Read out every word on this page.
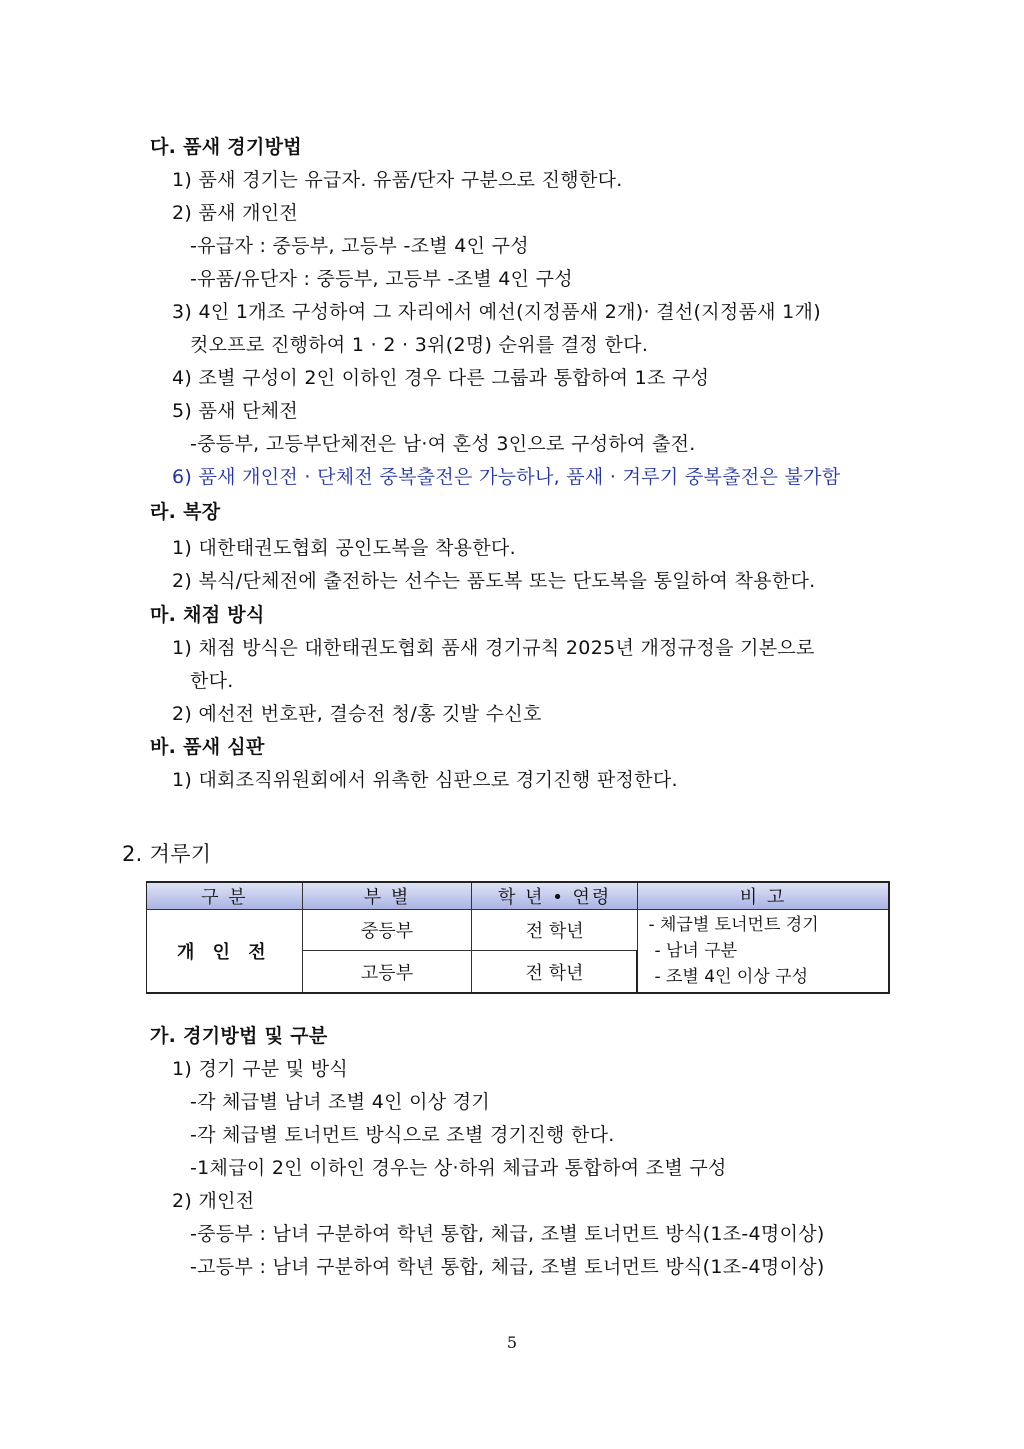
다. 품새 경기방법
1) 품새 경기는 유급자. 유품/단자 구분으로 진행한다.
2) 품새 개인전
-유급자 : 중등부, 고등부 -조별 4인 구성
-유품/유단자 : 중등부, 고등부 -조별 4인 구성
3) 4인 1개조 구성하여 그 자리에서 예선(지정품새 2개)· 결선(지정품새 1개)
컷오프로 진행하여 1 · 2 · 3위(2명) 순위를 결정 한다.
4) 조별 구성이 2인 이하인 경우 다른 그룹과 통합하여 1조 구성
5) 품새 단체전
-중등부, 고등부단체전은 남·여 혼성 3인으로 구성하여 출전.
6) 품새 개인전 · 단체전 중복출전은 가능하나, 품새 · 겨루기 중복출전은 불가함
라. 복장
1) 대한태권도협회 공인도복을 착용한다.
2) 복식/단체전에 출전하는 선수는 품도복 또는 단도복을 통일하여 착용한다.
마. 채점 방식
1) 채점 방식은 대한태권도협회 품새 경기규칙 2025년 개정규정을 기본으로
한다.
2) 예선전 번호판, 결승전 청/홍 깃발 수신호
바. 품새 심판
1) 대회조직위원회에서 위촉한 심판으로 경기진행 판정한다.
2. 겨루기
구 분	부 별	학 년 • 연령	비 고
개 인 전	중등부	전 학년	- 체급별 토너먼트 경기
- 남녀 구분
- 조별 4인 이상 구성

	고등부	전 학년	
가. 경기방법 및 구분
1) 경기 구분 및 방식
-각 체급별 남녀 조별 4인 이상 경기
-각 체급별 토너먼트 방식으로 조별 경기진행 한다.
-1체급이 2인 이하인 경우는 상·하위 체급과 통합하여 조별 구성
2) 개인전
-중등부 : 남녀 구분하여 학년 통합, 체급, 조별 토너먼트 방식(1조-4명이상)
-고등부 : 남녀 구분하여 학년 통합, 체급, 조별 토너먼트 방식(1조-4명이상)
5
